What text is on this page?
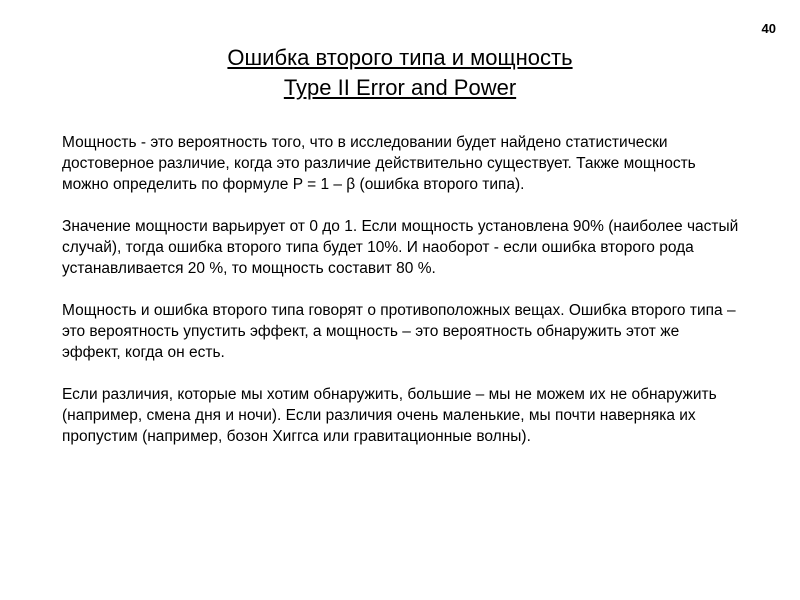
40
Ошибка второго типа и мощность
Type II Error and Power

Мощность - это вероятность того, что в исследовании будет найдено статистически достоверное различие, когда это различие действительно существует. Также мощность можно определить по формуле P = 1 – β (ошибка второго типа).

Значение мощности варьирует от 0 до 1. Если мощность установлена 90% (наиболее частый случай), тогда ошибка второго типа будет 10%. И наоборот - если ошибка второго рода устанавливается 20 %, то мощность составит 80 %.

Мощность и ошибка второго типа говорят о противоположных вещах. Ошибка второго типа – это вероятность упустить эффект, а мощность – это вероятность обнаружить этот же эффект, когда он есть.

Если различия, которые мы хотим обнаружить, большие – мы не можем их не обнаружить (например, смена дня и ночи). Если различия очень маленькие, мы почти наверняка их пропустим (например, бозон Хиггса или гравитационные волны).
